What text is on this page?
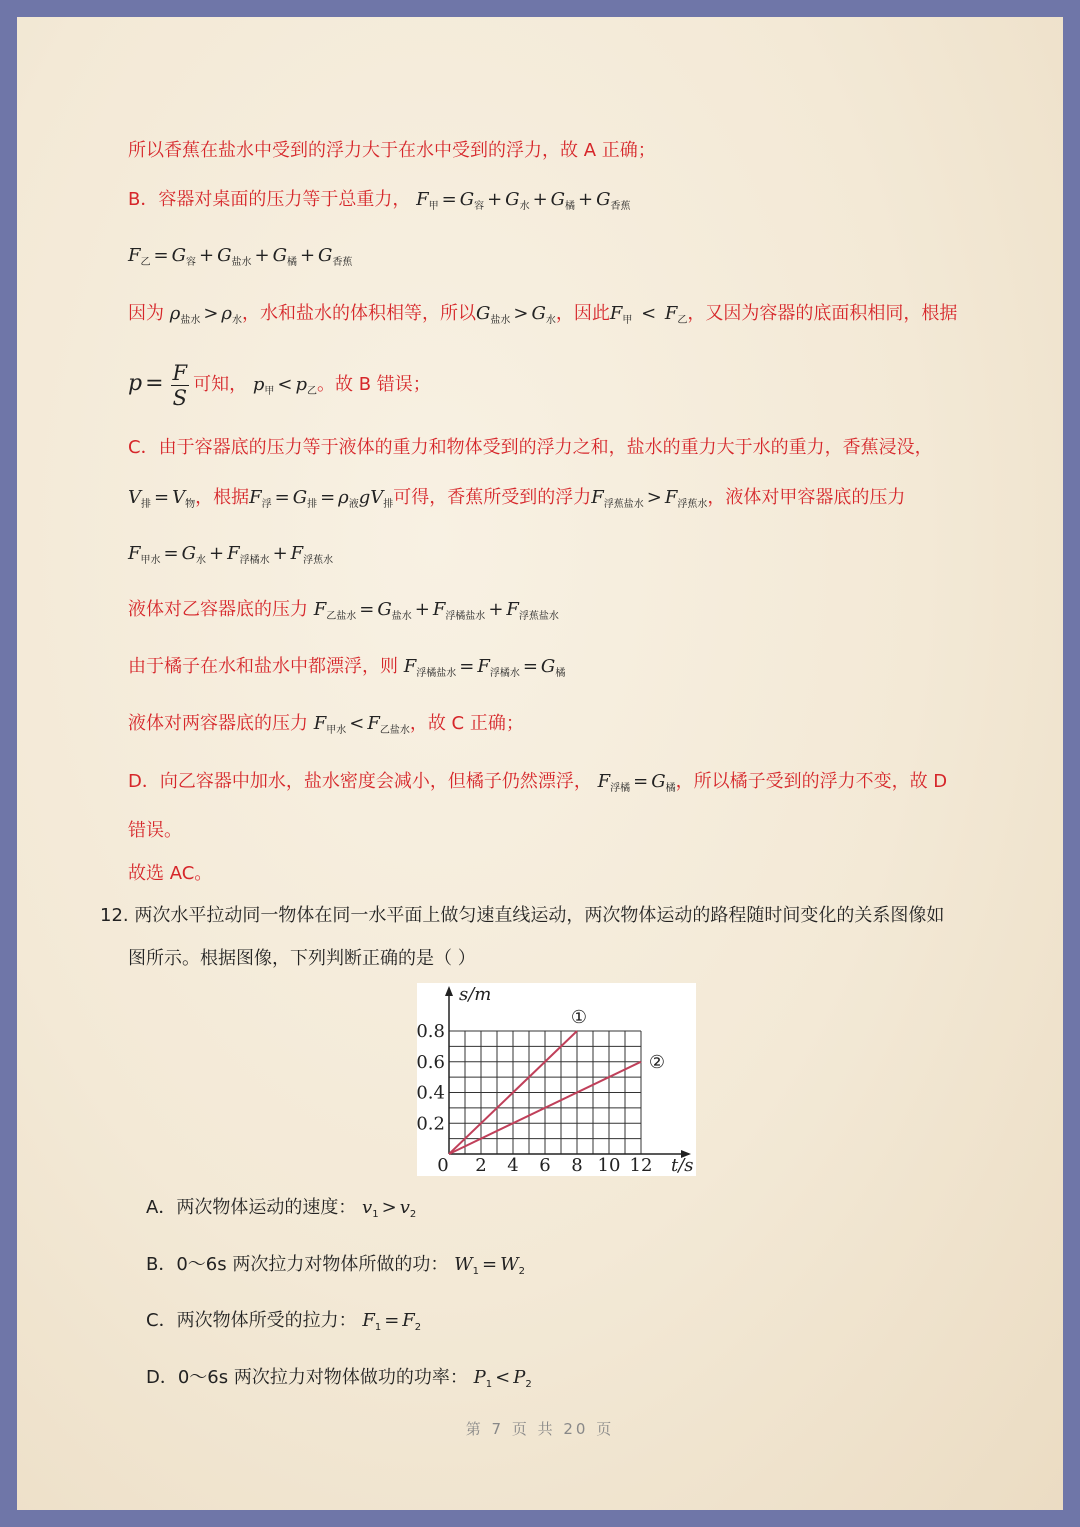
所以香蕉在盐水中受到的浮力大于在水中受到的浮力，故 A 正确；
B．容器对桌面的压力等于总重力， $F_甲 = G_容 + G_水 + G_橘 + G_{香蕉}$
$F_乙 = G_容 + G_{盐水} + G_橘 + G_{香蕉}$
因为 $\rho_{盐水} > \rho_水$，水和盐水的体积相等，所以$G_{盐水} > G_水$，因此$F_甲 < F_乙$，又因为容器的底面积相同，根据
$p = \frac{F}{S}$ 可知， $p_甲 < p_乙$。故 B 错误；
C．由于容器底的压力等于液体的重力和物体受到的浮力之和，盐水的重力大于水的重力，香蕉浸没，
$V_排 = V_物$，根据$F_浮 = G_排 = \rho_液gV_排$可得，香蕉所受到的浮力$F_{浮蕉盐水} > F_{浮蕉水}$，液体对甲容器底的压力
$F_{甲水} = G_水 + F_{浮橘水} + F_{浮蕉水}$
液体对乙容器底的压力 $F_{乙盐水} = G_{盐水} + F_{浮橘盐水} + F_{浮蕉盐水}$
由于橘子在水和盐水中都漂浮，则 $F_{浮橘盐水} = F_{浮橘水} = G_橘$
液体对两容器底的压力 $F_{甲水} < F_{乙盐水}$，故 C 正确；
D．向乙容器中加水，盐水密度会减小，但橘子仍然漂浮， $F_{浮橘} = G_橘$，所以橘子受到的浮力不变，故 D
错误。
故选 AC。
12. 两次水平拉动同一物体在同一水平面上做匀速直线运动，两次物体运动的路程随时间变化的关系图像如
图所示。根据图像，下列判断正确的是（ ）
0 2 4 6 8 10 12
0.2
0.4
0.6
0.8
s/m
t/s
①
②
A．两次物体运动的速度： $v_1 > v_2$
B．0～6s 两次拉力对物体所做的功： $W_1 = W_2$
C．两次物体所受的拉力： $F_1 = F_2$
D．0～6s 两次拉力对物体做功的功率： $P_1 < P_2$
第 7 页 共 20 页
